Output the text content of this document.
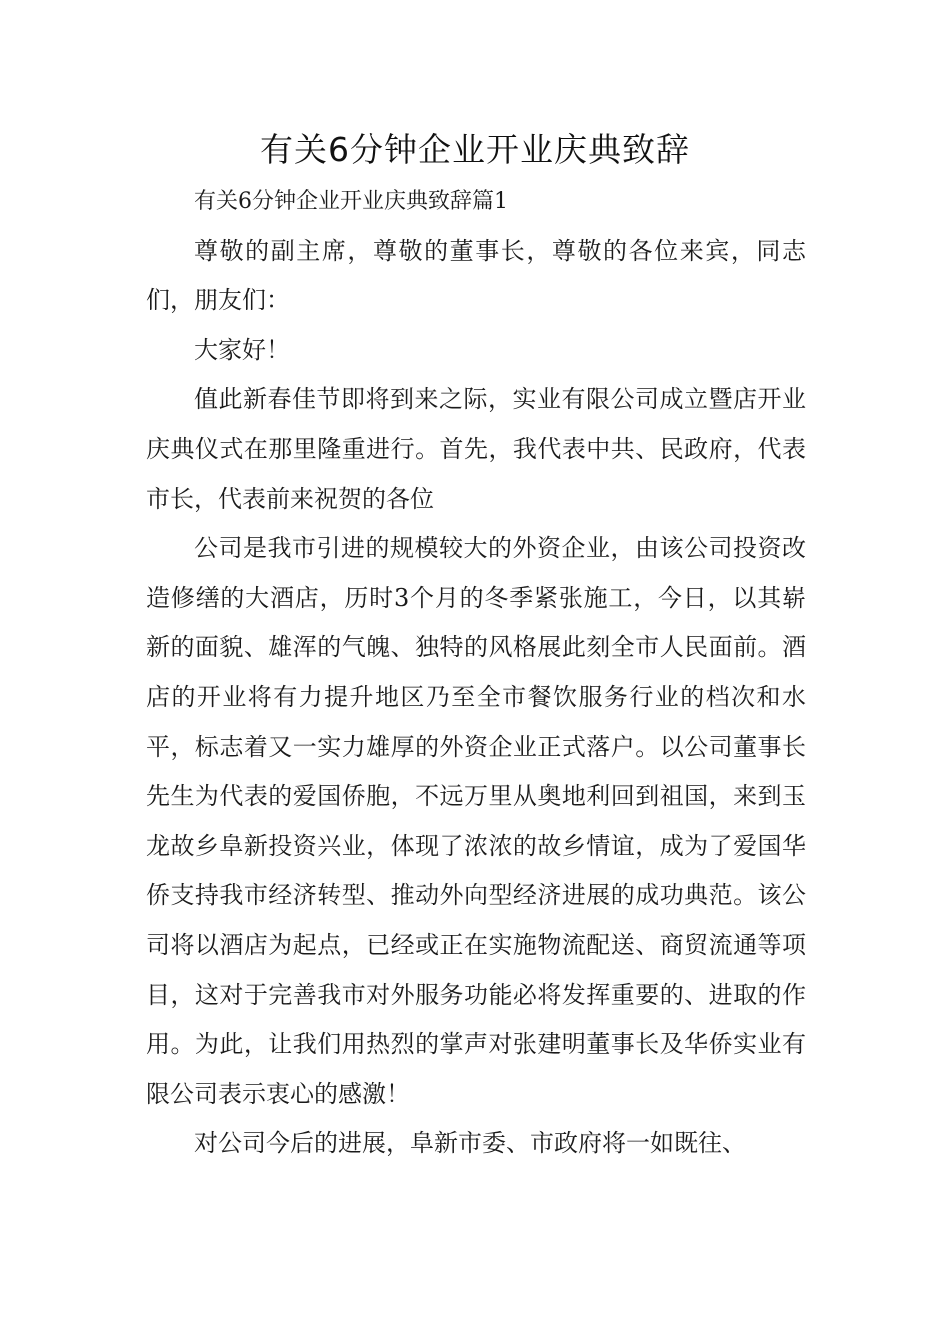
有关6分钟企业开业庆典致辞

有关6分钟企业开业庆典致辞篇1

尊敬的副主席，尊敬的董事长，尊敬的各位来宾，同志们，朋友们：

大家好！

值此新春佳节即将到来之际，实业有限公司成立暨店开业庆典仪式在那里隆重进行。首先，我代表中共、民政府，代表市长，代表前来祝贺的各位

公司是我市引进的规模较大的外资企业，由该公司投资改造修缮的大酒店，历时3个月的冬季紧张施工，今日，以其崭新的面貌、雄浑的气魄、独特的风格展此刻全市人民面前。酒店的开业将有力提升地区乃至全市餐饮服务行业的档次和水平，标志着又一实力雄厚的外资企业正式落户。以公司董事长先生为代表的爱国侨胞，不远万里从奥地利回到祖国，来到玉龙故乡阜新投资兴业，体现了浓浓的故乡情谊，成为了爱国华侨支持我市经济转型、推动外向型经济进展的成功典范。该公司将以酒店为起点，已经或正在实施物流配送、商贸流通等项目，这对于完善我市对外服务功能必将发挥重要的、进取的作用。为此，让我们用热烈的掌声对张建明董事长及华侨实业有限公司表示衷心的感激！

对公司今后的进展，阜新市委、市政府将一如既往、
